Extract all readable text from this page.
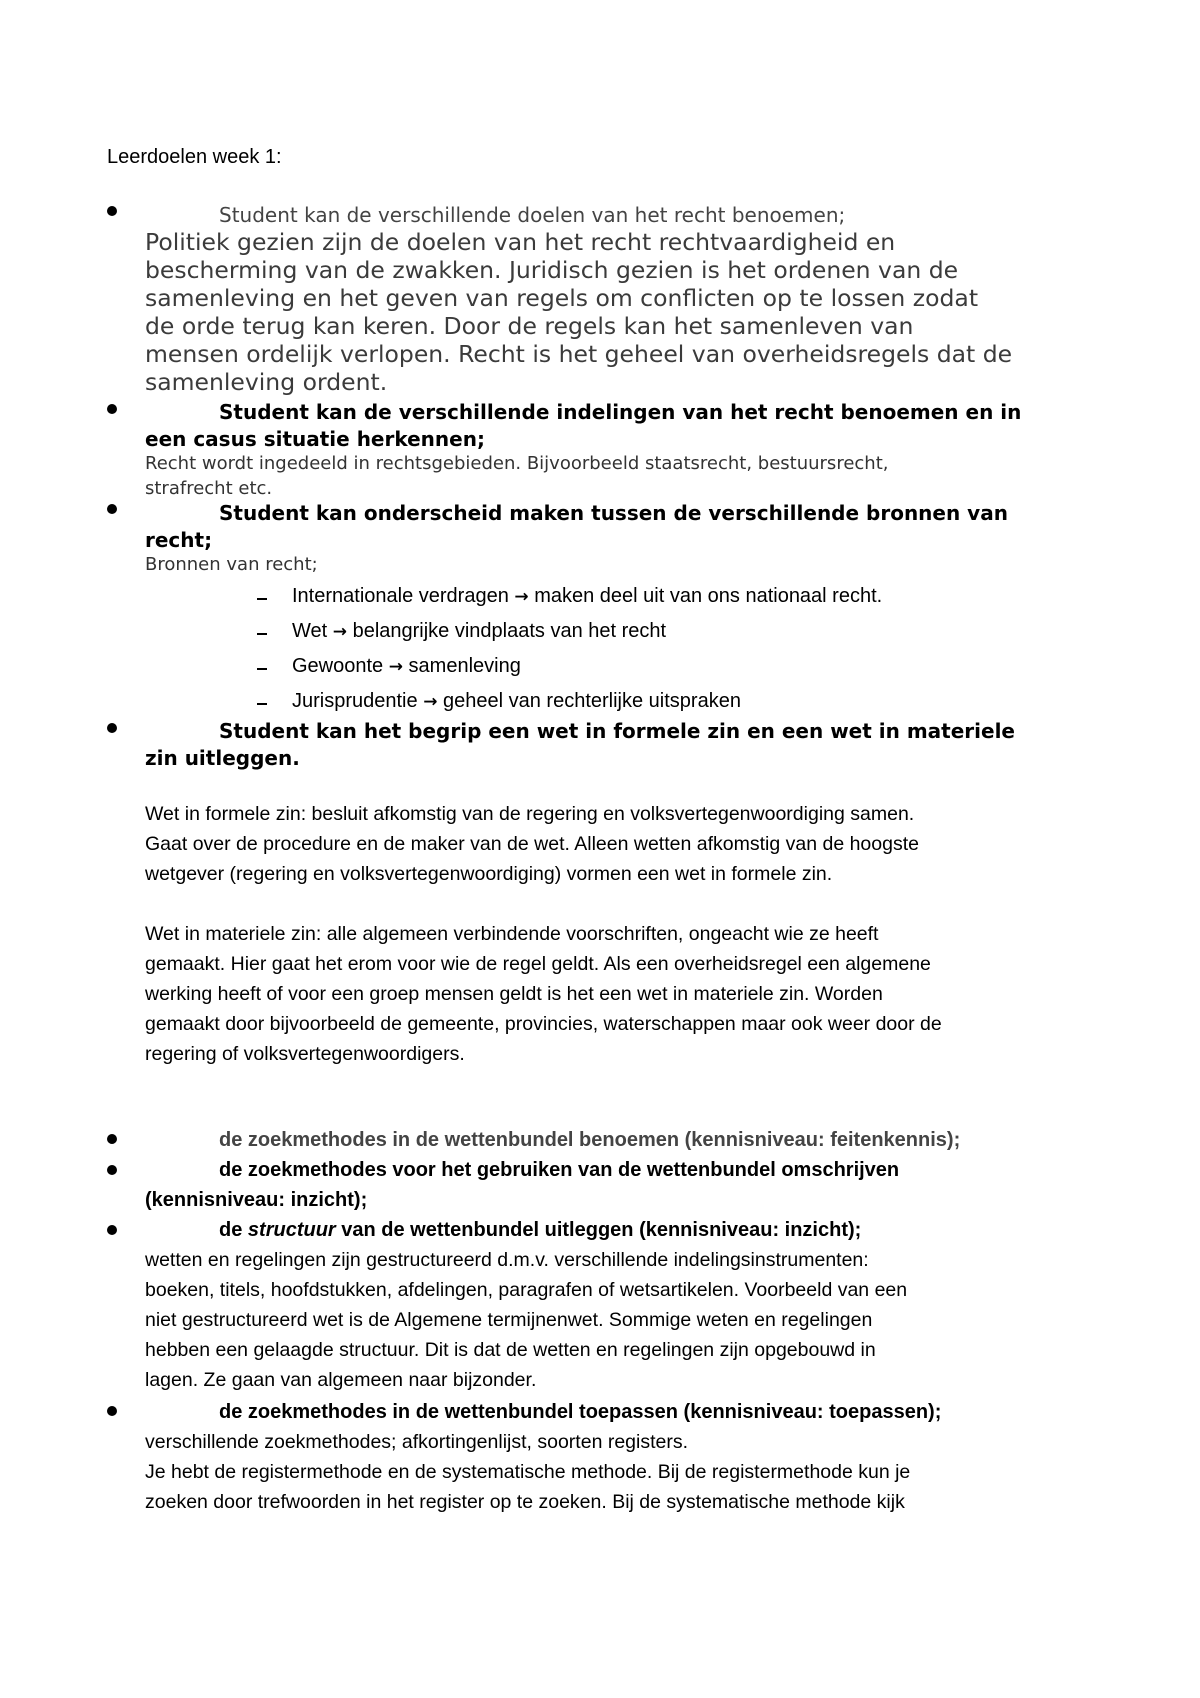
Leerdoelen week 1:
Student kan de verschillende doelen van het recht benoemen;
Politiek gezien zijn de doelen van het recht rechtvaardigheid en
bescherming van de zwakken. Juridisch gezien is het ordenen van de
samenleving en het geven van regels om conflicten op te lossen zodat
de orde terug kan keren. Door de regels kan het samenleven van
mensen ordelijk verlopen. Recht is het geheel van overheidsregels dat de
samenleving ordent.
Student kan de verschillende indelingen van het recht benoemen en in
een casus situatie herkennen;
Recht wordt ingedeeld in rechtsgebieden. Bijvoorbeeld staatsrecht, bestuursrecht,
strafrecht etc.
Student kan onderscheid maken tussen de verschillende bronnen van
recht;
Bronnen van recht;
Internationale verdragen → maken deel uit van ons nationaal recht.
Wet → belangrijke vindplaats van het recht
Gewoonte → samenleving
Jurisprudentie → geheel van rechterlijke uitspraken
Student kan het begrip een wet in formele zin en een wet in materiele
zin uitleggen.
Wet in formele zin: besluit afkomstig van de regering en volksvertegenwoordiging samen.
Gaat over de procedure en de maker van de wet. Alleen wetten afkomstig van de hoogste
wetgever (regering en volksvertegenwoordiging) vormen een wet in formele zin.
Wet in materiele zin: alle algemeen verbindende voorschriften, ongeacht wie ze heeft
gemaakt. Hier gaat het erom voor wie de regel geldt. Als een overheidsregel een algemene
werking heeft of voor een groep mensen geldt is het een wet in materiele zin. Worden
gemaakt door bijvoorbeeld de gemeente, provincies, waterschappen maar ook weer door de
regering of volksvertegenwoordigers.
de zoekmethodes in de wettenbundel benoemen (kennisniveau: feitenkennis);
de zoekmethodes voor het gebruiken van de wettenbundel omschrijven
(kennisniveau: inzicht);
de structuur van de wettenbundel uitleggen (kennisniveau: inzicht);
wetten en regelingen zijn gestructureerd d.m.v. verschillende indelingsinstrumenten:
boeken, titels, hoofdstukken, afdelingen, paragrafen of wetsartikelen. Voorbeeld van een
niet gestructureerd wet is de Algemene termijnenwet. Sommige weten en regelingen
hebben een gelaagde structuur. Dit is dat de wetten en regelingen zijn opgebouwd in
lagen. Ze gaan van algemeen naar bijzonder.
de zoekmethodes in de wettenbundel toepassen (kennisniveau: toepassen);
verschillende zoekmethodes; afkortingenlijst, soorten registers.
Je hebt de registermethode en de systematische methode. Bij de registermethode kun je
zoeken door trefwoorden in het register op te zoeken. Bij de systematische methode kijk
